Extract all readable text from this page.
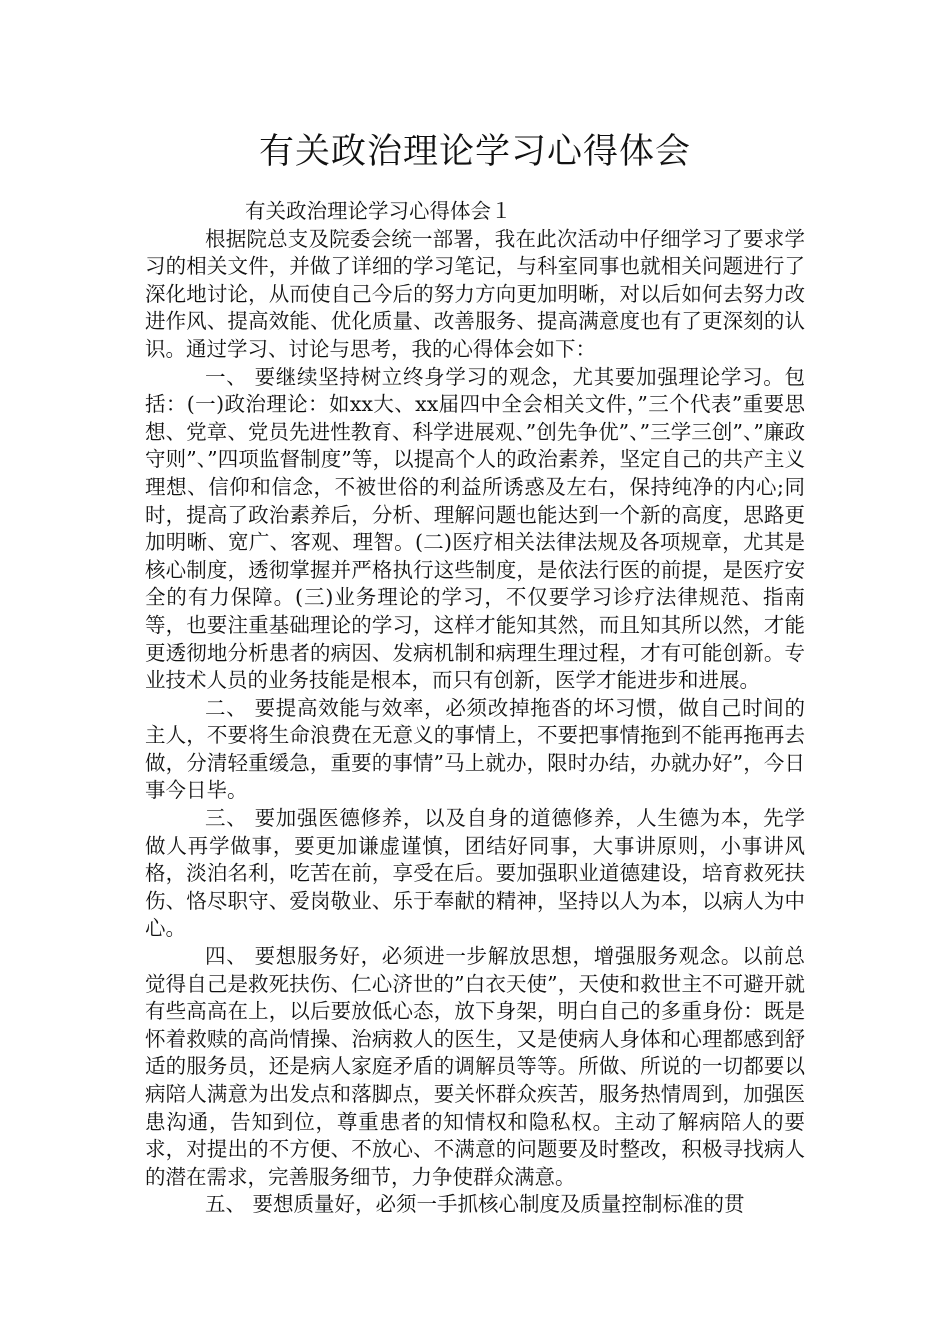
有关政治理论学习心得体会

有关政治理论学习心得体会１

根据院总支及院委会统一部署，我在此次活动中仔细学习了要求学习的相关文件，并做了详细的学习笔记，与科室同事也就相关问题进行了深化地讨论，从而使自己今后的努力方向更加明晰，对以后如何去努力改进作风、提高效能、优化质量、改善服务、提高满意度也有了更深刻的认识。通过学习、讨论与思考，我的心得体会如下：

一、 要继续坚持树立终身学习的观念，尤其要加强理论学习。包括：(一)政治理论：如xx大、xx届四中全会相关文件，”三个代表”重要思想、党章、党员先进性教育、科学进展观、”创先争优”、”三学三创”、”廉政守则”、”四项监督制度”等，以提高个人的政治素养，坚定自己的共产主义理想、信仰和信念，不被世俗的利益所诱惑及左右，保持纯净的内心;同时，提高了政治素养后，分析、理解问题也能达到一个新的高度，思路更加明晰、宽广、客观、理智。(二)医疗相关法律法规及各项规章，尤其是核心制度，透彻掌握并严格执行这些制度，是依法行医的前提，是医疗安全的有力保障。(三)业务理论的学习，不仅要学习诊疗法律规范、指南等，也要注重基础理论的学习，这样才能知其然，而且知其所以然，才能更透彻地分析患者的病因、发病机制和病理生理过程，才有可能创新。专业技术人员的业务技能是根本，而只有创新，医学才能进步和进展。

二、 要提高效能与效率，必须改掉拖沓的坏习惯，做自己时间的主人，不要将生命浪费在无意义的事情上，不要把事情拖到不能再拖再去做，分清轻重缓急，重要的事情”马上就办，限时办结，办就办好”，今日事今日毕。

三、 要加强医德修养，以及自身的道德修养，人生德为本，先学做人再学做事，要更加谦虚谨慎，团结好同事，大事讲原则，小事讲风格，淡泊名利，吃苦在前，享受在后。要加强职业道德建设，培育救死扶伤、恪尽职守、爱岗敬业、乐于奉献的精神，坚持以人为本，以病人为中心。

四、 要想服务好，必须进一步解放思想，增强服务观念。以前总觉得自己是救死扶伤、仁心济世的”白衣天使”，天使和救世主不可避开就有些高高在上，以后要放低心态，放下身架，明白自己的多重身份：既是怀着救赎的高尚情操、治病救人的医生，又是使病人身体和心理都感到舒适的服务员，还是病人家庭矛盾的调解员等等。所做、所说的一切都要以病陪人满意为出发点和落脚点，要关怀群众疾苦，服务热情周到，加强医患沟通，告知到位，尊重患者的知情权和隐私权。主动了解病陪人的要求，对提出的不方便、不放心、不满意的问题要及时整改，积极寻找病人的潜在需求，完善服务细节，力争使群众满意。

五、 要想质量好，必须一手抓核心制度及质量控制标准的贯
